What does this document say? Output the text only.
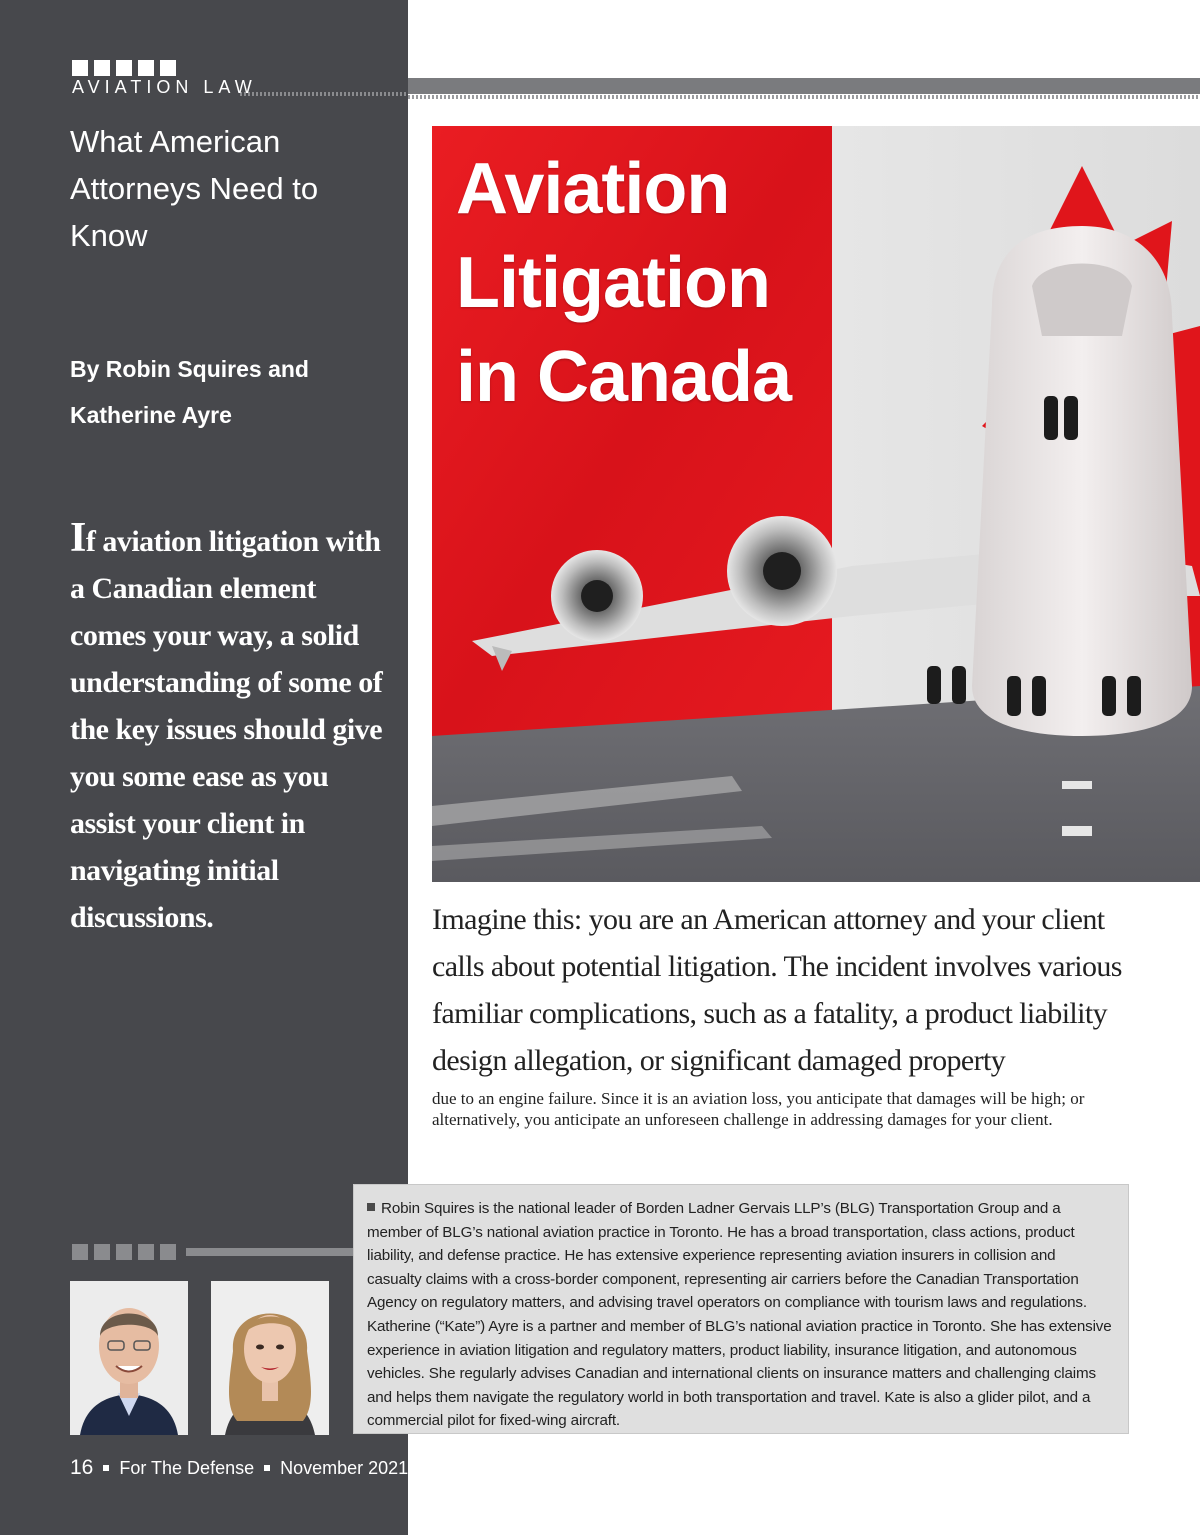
AVIATION LAW
What American Attorneys Need to Know
By Robin Squires and
Katherine Ayre
If aviation litigation with a Canadian element comes your way, a solid understanding of some of the key issues should give you some ease as you assist your client in navigating initial discussions.
Aviation
Litigation
in Canada
Imagine this: you are an American attorney and your client calls about potential litigation. The incident involves various familiar complications, such as a fatality, a product liability design allegation, or significant damaged property
due to an engine failure. Since it is an aviation loss, you anticipate that damages will be high; or alternatively, you anticipate an unforeseen challenge in addressing damages for your client.
Robin Squires is the national leader of Borden Ladner Gervais LLP’s (BLG) Transportation Group and a member of BLG’s national aviation practice in Toronto. He has a broad transportation, class actions, product liability, and defense practice. He has extensive experience representing aviation insurers in collision and casualty claims with a cross-border component, representing air carriers before the Canadian Transportation Agency on regulatory matters, and advising travel operators on compliance with tourism laws and regulations. Katherine (“Kate”) Ayre is a partner and member of BLG’s national aviation practice in Toronto. She has extensive experience in aviation litigation and regulatory matters, product liability, insurance litigation, and autonomous vehicles. She regularly advises Canadian and international clients on insurance matters and challenging claims and helps them navigate the regulatory world in both transportation and travel. Kate is also a glider pilot, and a commercial pilot for fixed-wing aircraft.
16 For The Defense November 2021
